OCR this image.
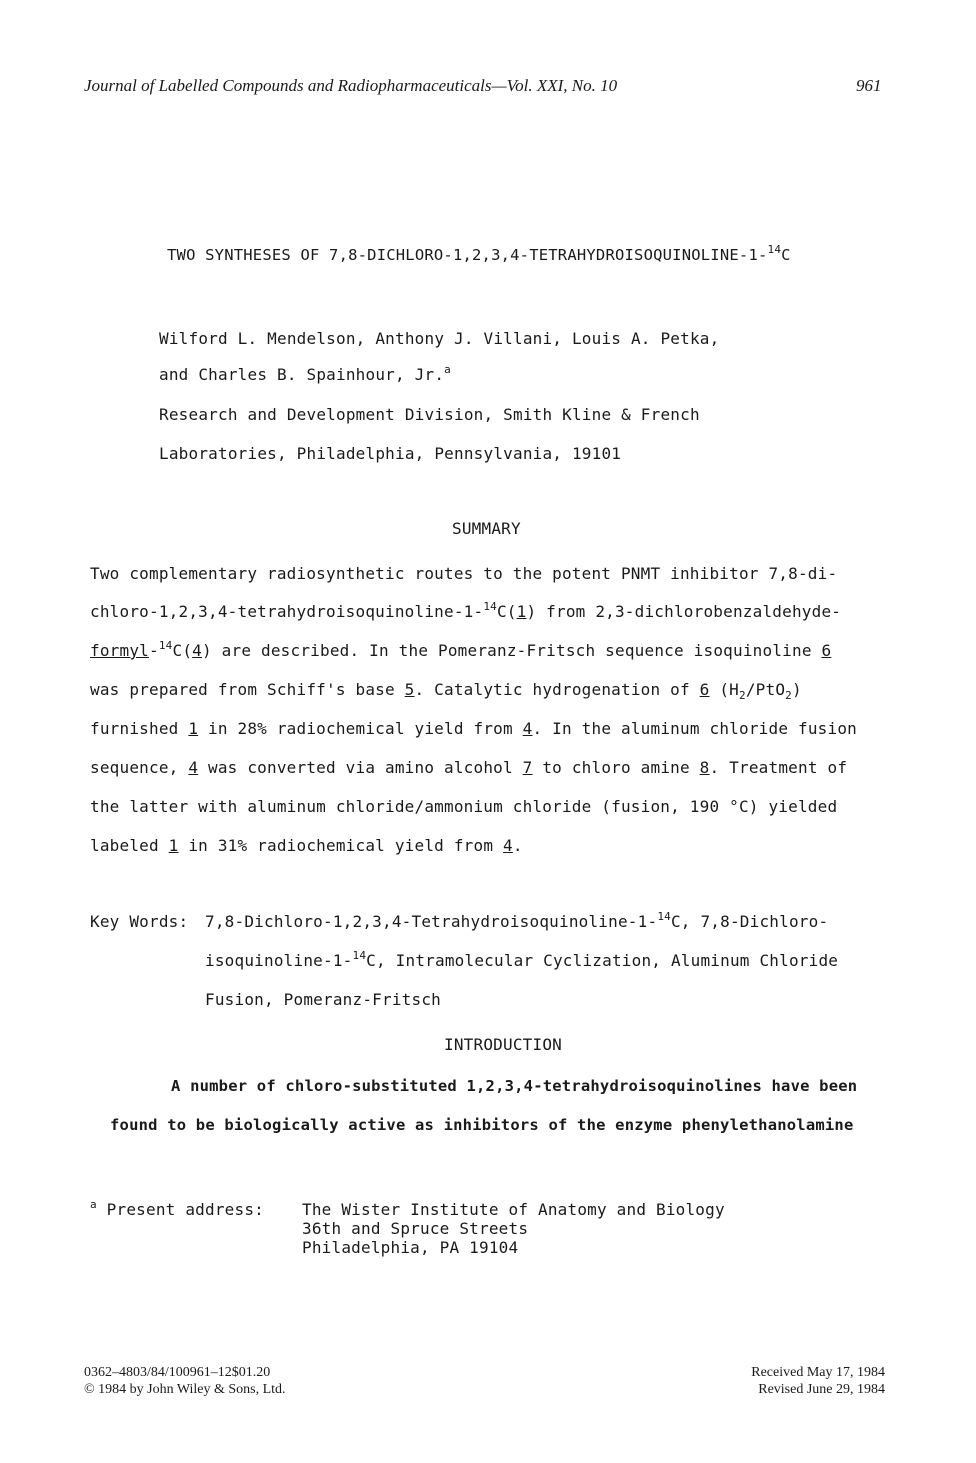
Journal of Labelled Compounds and Radiopharmaceuticals—Vol. XXI, No. 10	961
TWO SYNTHESES OF 7,8-DICHLORO-1,2,3,4-TETRAHYDROISOQUINOLINE-1-$^{14}$C
Wilford L. Mendelson, Anthony J. Villani, Louis A. Petka,
and Charles B. Spainhour, Jr.$^a$
Research and Development Division, Smith Kline & French
Laboratories, Philadelphia, Pennsylvania, 19101
SUMMARY
Two complementary radiosynthetic routes to the potent PNMT inhibitor 7,8-di-
chloro-1,2,3,4-tetrahydroisoquinoline-1-$^{14}$C(1) from 2,3-dichlorobenzaldehyde-
formyl-$^{14}$C(4) are described. In the Pomeranz-Fritsch sequence isoquinoline 6
was prepared from Schiff's base 5. Catalytic hydrogenation of 6 $(H_2/PtO_2)$
furnished 1 in 28% radiochemical yield from 4. In the aluminum chloride fusion
sequence, 4 was converted via amino alcohol 7 to chloro amine 8. Treatment of
the latter with aluminum chloride/ammonium chloride (fusion, 190 °C) yielded
labeled 1 in 31% radiochemical yield from 4.
Key Words: 7,8-Dichloro-1,2,3,4-Tetrahydroisoquinoline-1-$^{14}$C, 7,8-Dichloro-
isoquinoline-1-$^{14}$C, Intramolecular Cyclization, Aluminum Chloride
Fusion, Pomeranz-Fritsch
INTRODUCTION
A number of chloro-substituted 1,2,3,4-tetrahydroisoquinolines have been
found to be biologically active as inhibitors of the enzyme phenylethanolamine
$^a$ Present address: The Wister Institute of Anatomy and Biology
36th and Spruce Streets
Philadelphia, PA 19104
0362–4803/84/100961–12$01.20
© 1984 by John Wiley & Sons, Ltd.
Received May 17, 1984
Revised June 29, 1984
